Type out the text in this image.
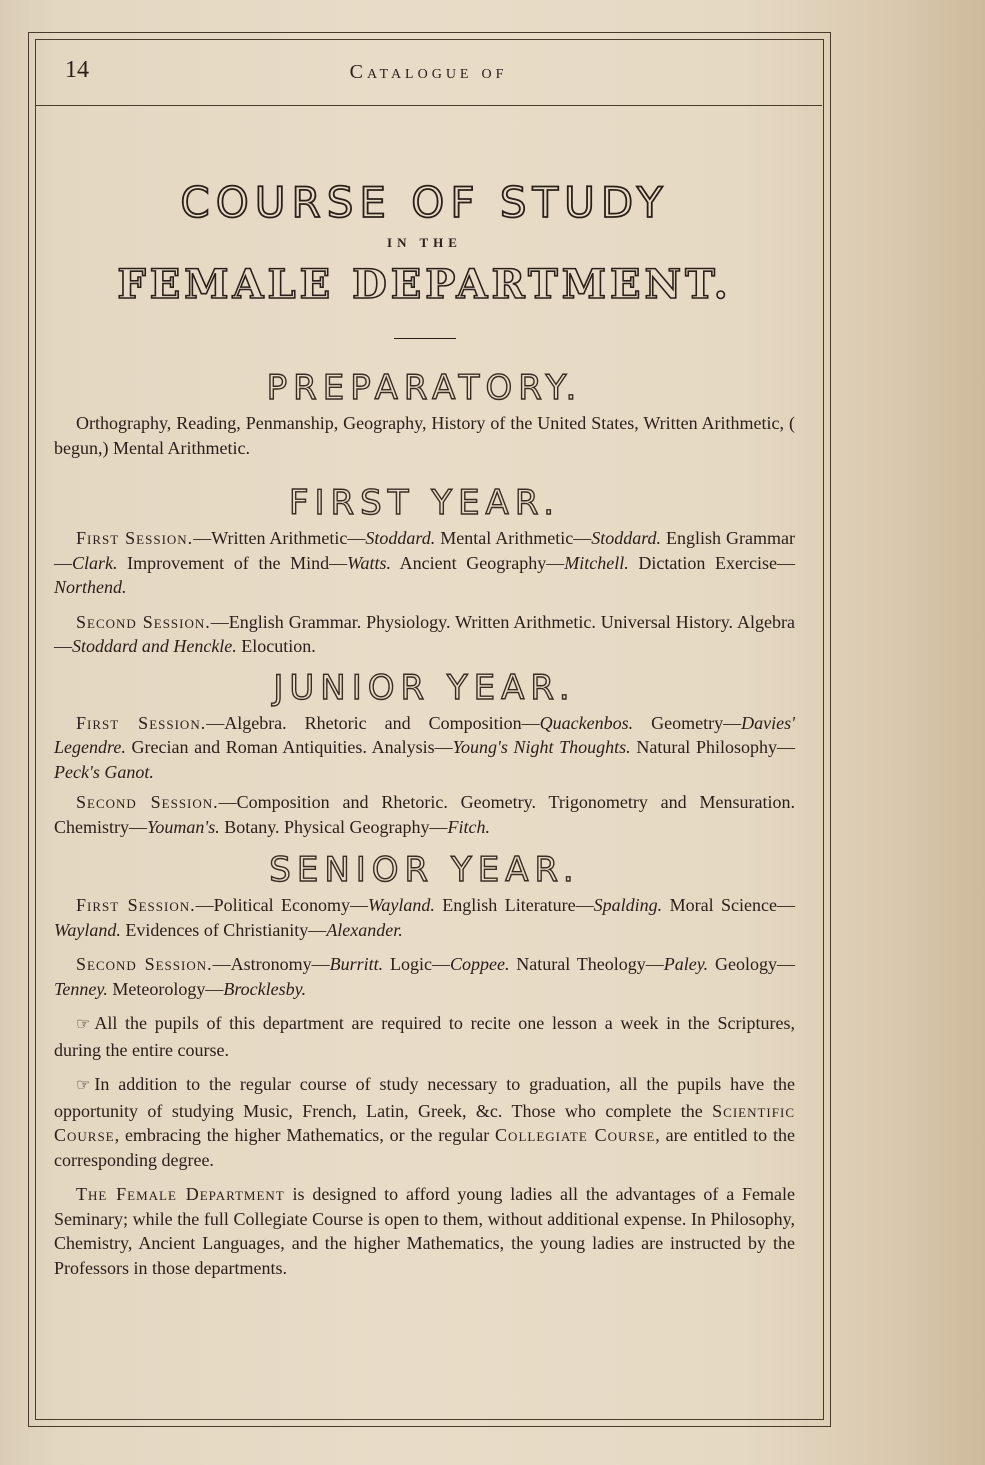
14	Catalogue of
COURSE OF STUDY
IN THE
FEMALE DEPARTMENT.
PREPARATORY.

Orthography, Reading, Penmanship, Geography, History of the United States, Written Arithmetic, ( begun,) Mental Arithmetic.

FIRST YEAR.

First Session.—Written Arithmetic—Stoddard. Mental Arithmetic—Stoddard. English Grammar—Clark. Improvement of the Mind—Watts. Ancient Geography—Mitchell. Dictation Exercise—Northend.

Second Session.—English Grammar. Physiology. Written Arithmetic. Universal History. Algebra—Stoddard and Henckle. Elocution.

JUNIOR YEAR.

First Session.—Algebra. Rhetoric and Composition—Quackenbos. Geometry—Davies' Legendre. Grecian and Roman Antiquities. Analysis—Young's Night Thoughts. Natural Philosophy—Peck's Ganot.

Second Session.—Composition and Rhetoric. Geometry. Trigonometry and Mensuration. Chemistry—Youman's. Botany. Physical Geography—Fitch.

SENIOR YEAR.

First Session.—Political Economy—Wayland. English Literature—Spalding. Moral Science—Wayland. Evidences of Christianity—Alexander.

Second Session.—Astronomy—Burritt. Logic—Coppee. Natural Theology—Paley. Geology—Tenney. Meteorology—Brocklesby.

☞ All the pupils of this department are required to recite one lesson a week in the Scriptures, during the entire course.

☞ In addition to the regular course of study necessary to graduation, all the pupils have the opportunity of studying Music, French, Latin, Greek, &c. Those who complete the Scientific Course, embracing the higher Mathematics, or the regular Collegiate Course, are entitled to the corresponding degree.

The Female Department is designed to afford young ladies all the advantages of a Female Seminary; while the full Collegiate Course is open to them, without additional expense. In Philosophy, Chemistry, Ancient Languages, and the higher Mathematics, the young ladies are instructed by the Professors in those departments.
